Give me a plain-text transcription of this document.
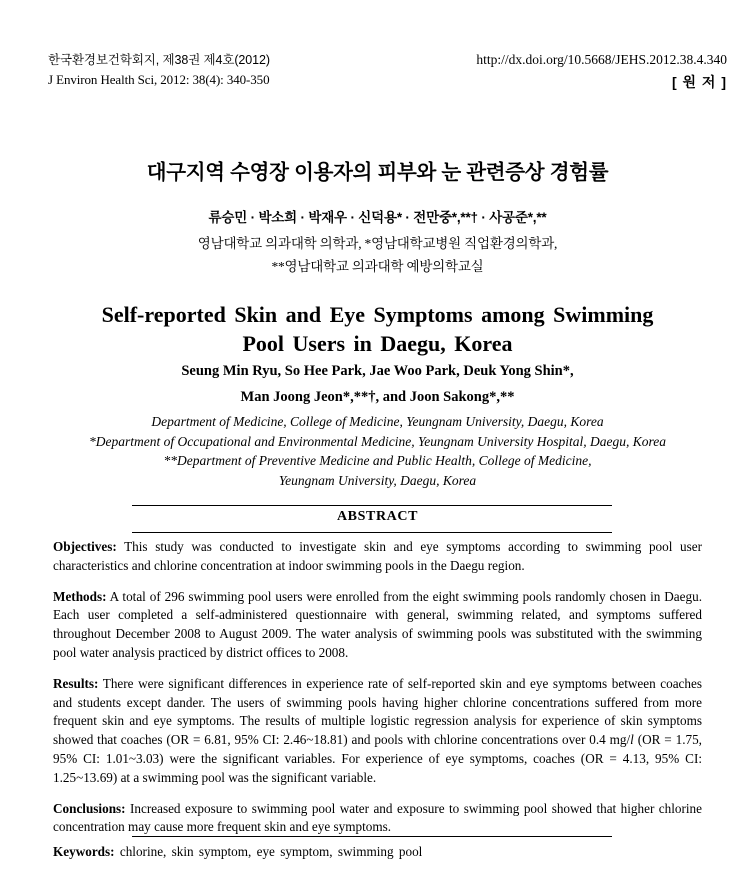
한국환경보건학회지, 제38권 제4호(2012)
J Environ Health Sci, 2012: 38(4): 340-350
http://dx.doi.org/10.5668/JEHS.2012.38.4.340
[ 원 저 ]
대구지역 수영장 이용자의 피부와 눈 관련증상 경험률
류승민 · 박소희 · 박재우 · 신덕용* · 전만중*,**† · 사공준*,**
영남대학교 의과대학 의학과, *영남대학교병원 직업환경의학과,
**영남대학교 의과대학 예방의학교실
Self-reported Skin and Eye Symptoms among Swimming
Pool Users in Daegu, Korea
Seung Min Ryu, So Hee Park, Jae Woo Park, Deuk Yong Shin*,
Man Joong Jeon*,**†, and Joon Sakong*,**
Department of Medicine, College of Medicine, Yeungnam University, Daegu, Korea
*Department of Occupational and Environmental Medicine, Yeungnam University Hospital, Daegu, Korea
**Department of Preventive Medicine and Public Health, College of Medicine,
Yeungnam University, Daegu, Korea
ABSTRACT

Objectives: This study was conducted to investigate skin and eye symptoms according to swimming pool user characteristics and chlorine concentration at indoor swimming pools in the Daegu region.

Methods: A total of 296 swimming pool users were enrolled from the eight swimming pools randomly chosen in Daegu. Each user completed a self-administered questionnaire with general, swimming related, and symptoms suffered throughout December 2008 to August 2009. The water analysis of swimming pools was substituted with the swimming pool water analysis practiced by district offices to 2008.

Results: There were significant differences in experience rate of self-reported skin and eye symptoms between coaches and students except dander. The users of swimming pools having higher chlorine concentrations suffered from more frequent skin and eye symptoms. The results of multiple logistic regression analysis for experience of skin symptoms showed that coaches (OR = 6.81, 95% CI: 2.46~18.81) and pools with chlorine concentrations over 0.4 mg/l (OR = 1.75, 95% CI: 1.01~3.03) were the significant variables. For experience of eye symptoms, coaches (OR = 4.13, 95% CI: 1.25~13.69) at a swimming pool was the significant variable.

Conclusions: Increased exposure to swimming pool water and exposure to swimming pool showed that higher chlorine concentration may cause more frequent skin and eye symptoms.

Keywords: chlorine, skin symptom, eye symptom, swimming pool
